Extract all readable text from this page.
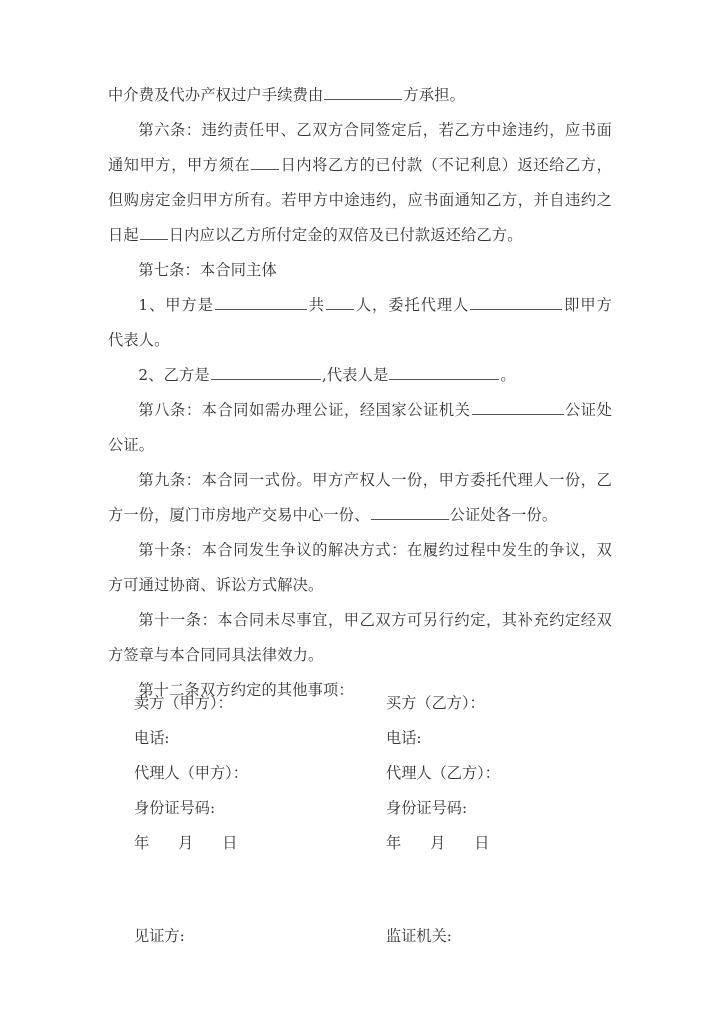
中介费及代办产权过户手续费由	方承担。

第六条：违约责任甲、乙双方合同签定后，若乙方中途违约，应书面通知甲方，甲方须在 日内将乙方的已付款（不记利息）返还给乙方，但购房定金归甲方所有。若甲方中途违约，应书面通知乙方，并自违约之日起 日内应以乙方所付定金的双倍及已付款返还给乙方。

第七条：本合同主体

1、甲方是	共 人，委托代理人	即甲方代表人。

2、乙方是	,代表人是	。

第八条：本合同如需办理公证，经国家公证机关	公证处公证。

第九条：本合同一式份。甲方产权人一份，甲方委托代理人一份，乙方一份，厦门市房地产交易中心一份、	公证处各一份。

第十条：本合同发生争议的解决方式：在履约过程中发生的争议，双方可通过协商、诉讼方式解决。

第十一条：本合同未尽事宜，甲乙双方可另行约定，其补充约定经双方签章与本合同同具法律效力。

第十二条双方约定的其他事项：

卖方（甲方）：	买方（乙方）：
电话:	电话:
代理人（甲方）：	代理人（乙方）：
身份证号码:	身份证号码:
年      月      日	年      月      日
见证方:	监证机关:
